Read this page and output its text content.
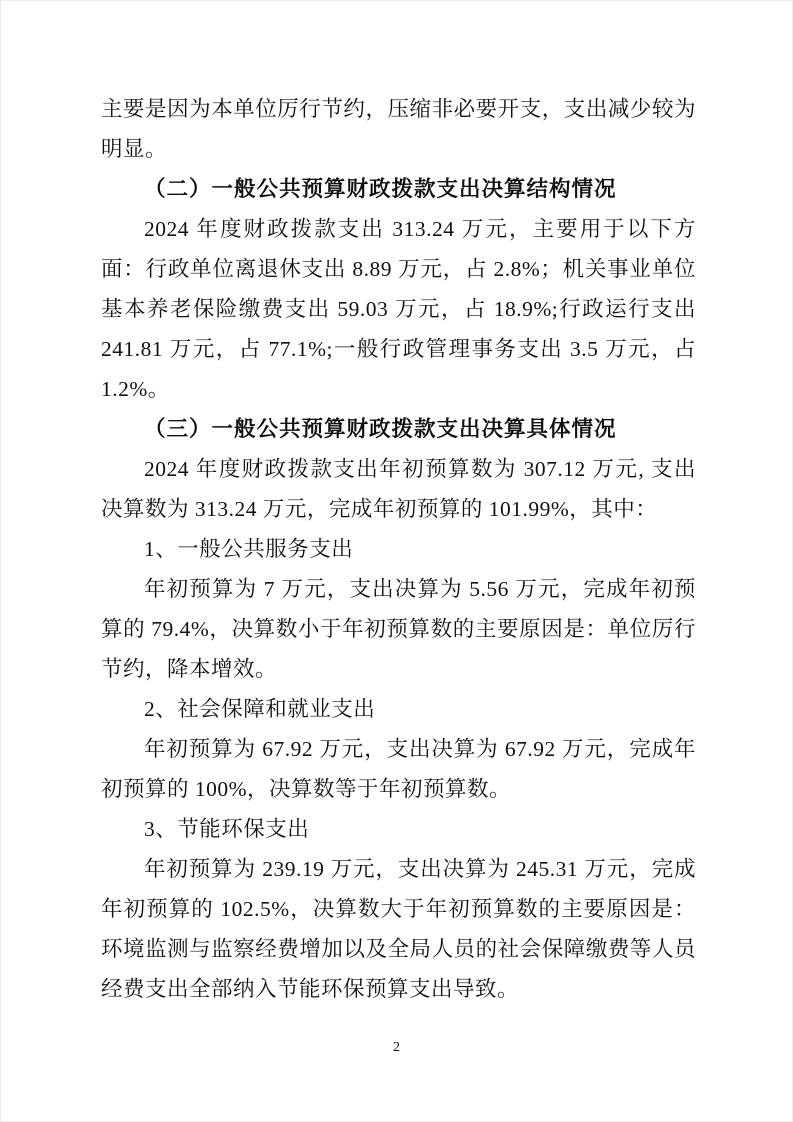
主要是因为本单位厉行节约，压缩非必要开支，支出减少较为明显。

（二）一般公共预算财政拨款支出决算结构情况

2024 年度财政拨款支出 313.24 万元，主要用于以下方面：行政单位离退休支出 8.89 万元，占 2.8%；机关事业单位基本养老保险缴费支出 59.03 万元，占 18.9%;行政运行支出 241.81 万元，占 77.1%;一般行政管理事务支出 3.5 万元，占 1.2%。

（三）一般公共预算财政拨款支出决算具体情况

2024 年度财政拨款支出年初预算数为 307.12 万元, 支出决算数为 313.24 万元，完成年初预算的 101.99%，其中：

1、一般公共服务支出

年初预算为 7 万元，支出决算为 5.56 万元，完成年初预算的 79.4%，决算数小于年初预算数的主要原因是：单位厉行节约，降本增效。

2、社会保障和就业支出

年初预算为 67.92 万元，支出决算为 67.92 万元，完成年初预算的 100%，决算数等于年初预算数。

3、节能环保支出

年初预算为 239.19 万元，支出决算为 245.31 万元，完成年初预算的 102.5%，决算数大于年初预算数的主要原因是：环境监测与监察经费增加以及全局人员的社会保障缴费等人员经费支出全部纳入节能环保预算支出导致。

2
